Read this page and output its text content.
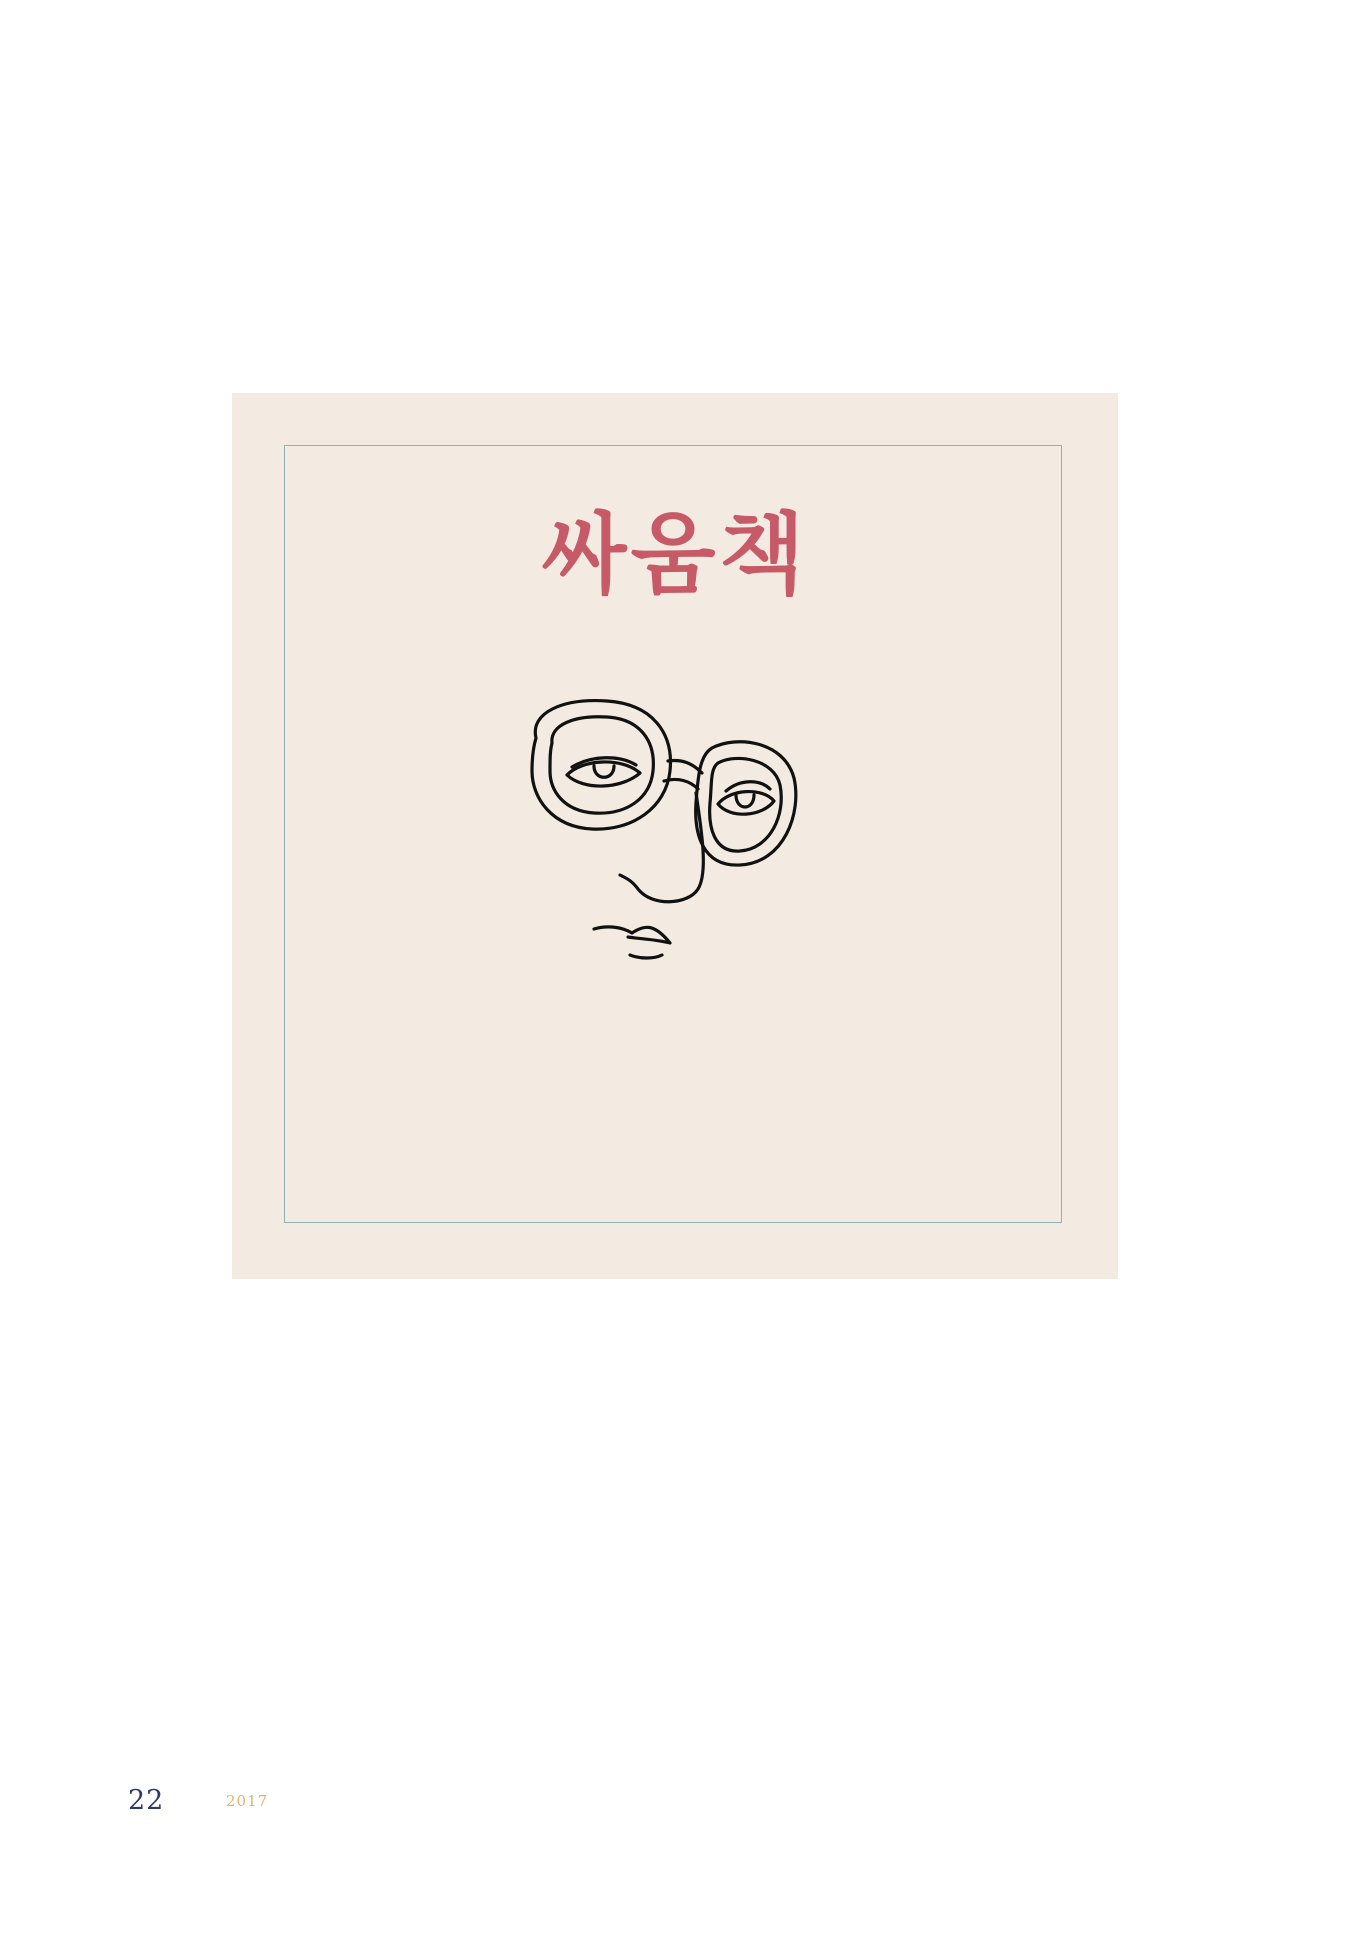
싸움책
22	2017
